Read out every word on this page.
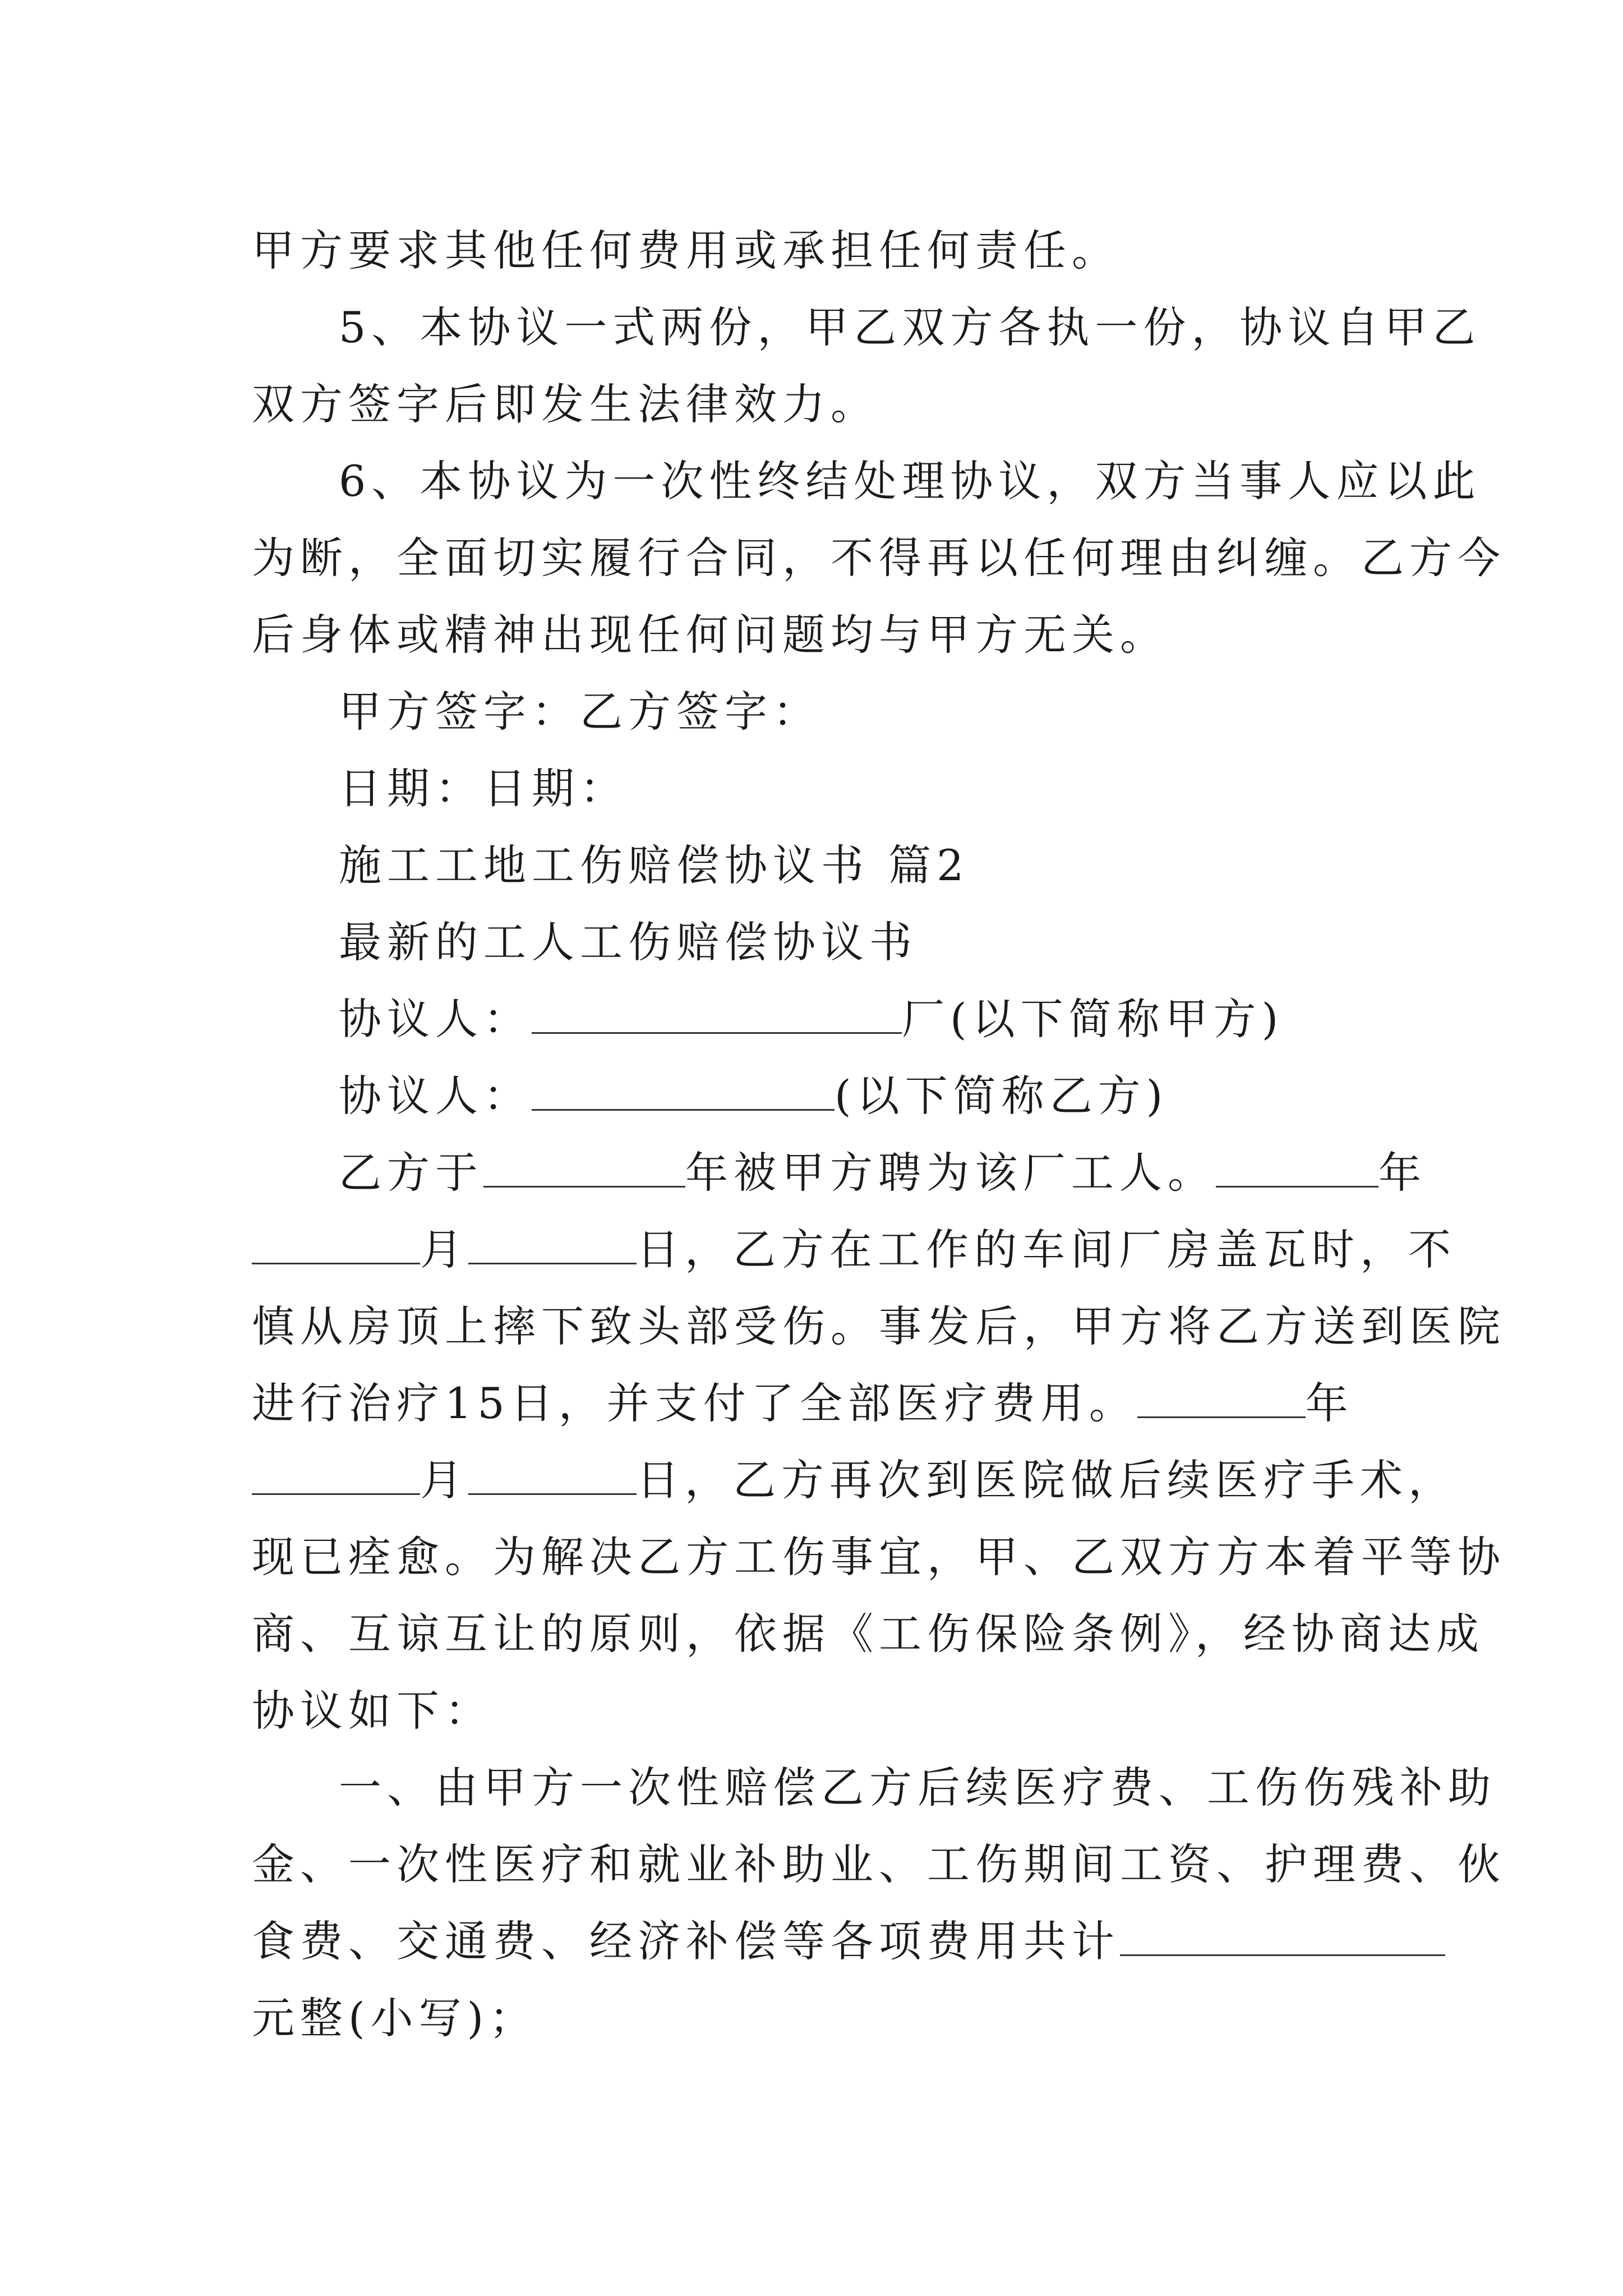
甲方要求其他任何费用或承担任何责任。
5、本协议一式两份，甲乙双方各执一份，协议自甲乙
双方签字后即发生法律效力。
6、本协议为一次性终结处理协议，双方当事人应以此
为断，全面切实履行合同，不得再以任何理由纠缠。乙方今
后身体或精神出现任何问题均与甲方无关。
甲方签字：乙方签字：
日期：日期：
施工工地工伤赔偿协议书 篇2
最新的工人工伤赔偿协议书
协议人：	厂(以下简称甲方)
协议人：	(以下简称乙方)
乙方于	年被甲方聘为该厂工人。	年
月	日，乙方在工作的车间厂房盖瓦时，不
慎从房顶上摔下致头部受伤。事发后，甲方将乙方送到医院
进行治疗15日，并支付了全部医疗费用。	年
月	日，乙方再次到医院做后续医疗手术，
现已痊愈。为解决乙方工伤事宜，甲、乙双方方本着平等协
商、互谅互让的原则，依据《工伤保险条例》，经协商达成
协议如下：
一、由甲方一次性赔偿乙方后续医疗费、工伤伤残补助
金、一次性医疗和就业补助业、工伤期间工资、护理费、伙
食费、交通费、经济补偿等各项费用共计
元整(小写)；
